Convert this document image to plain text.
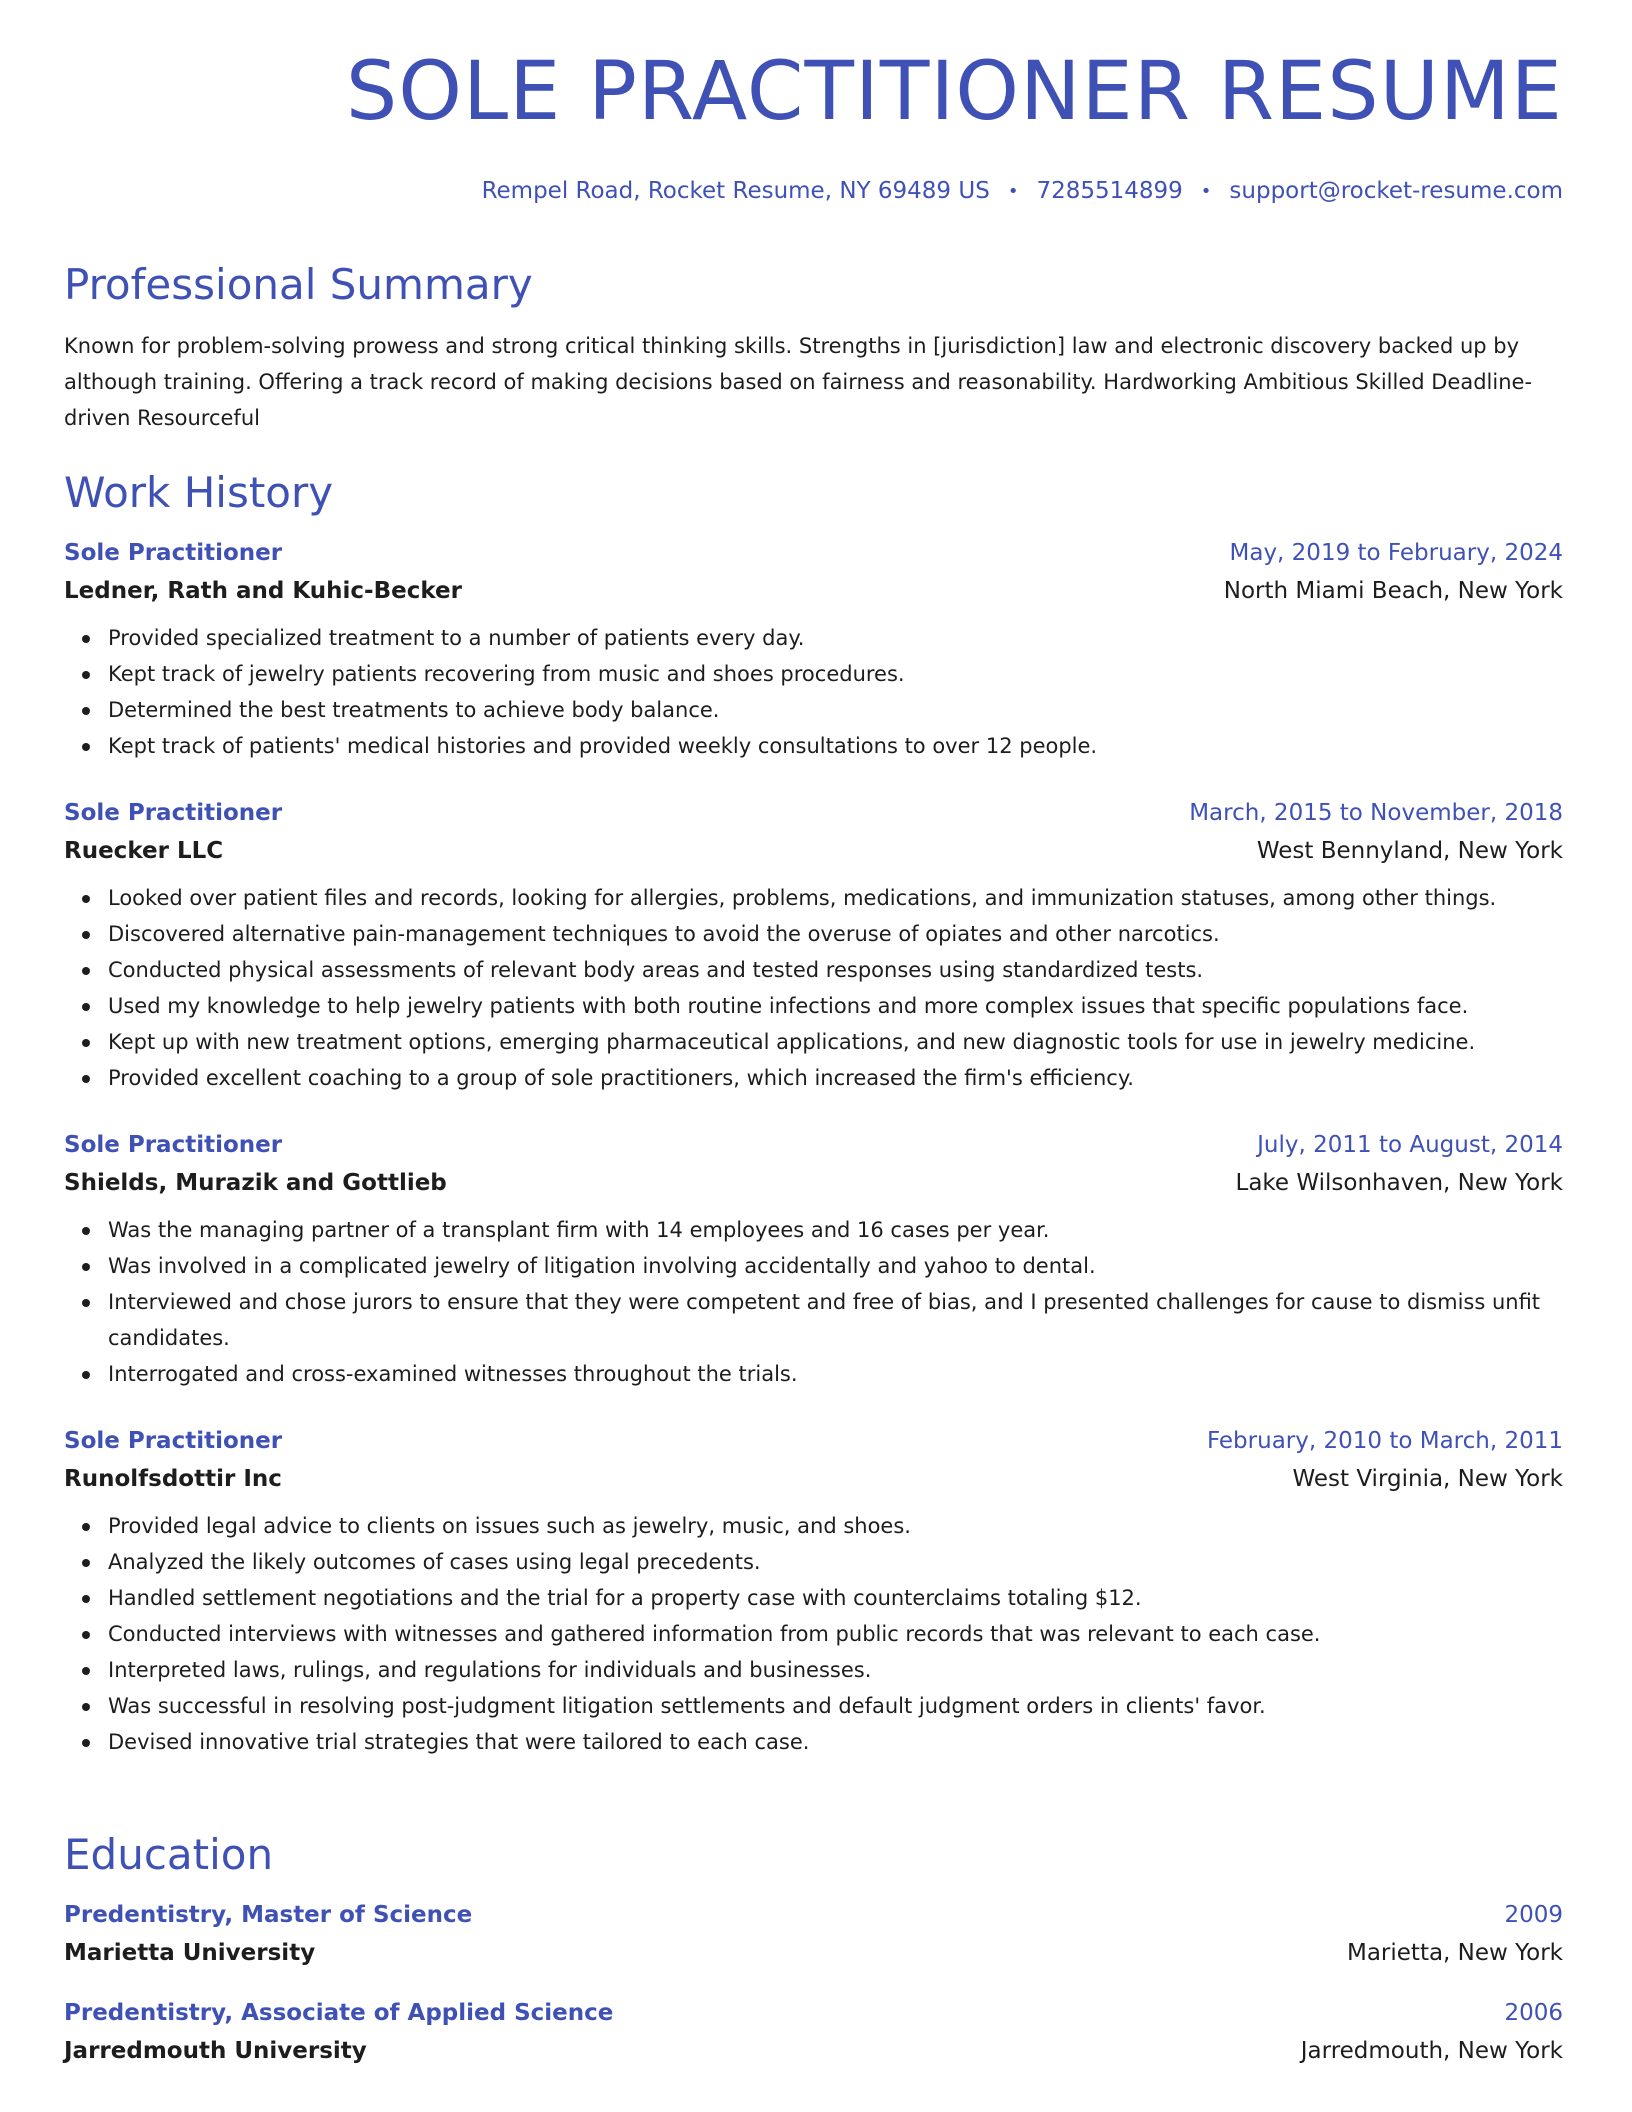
SOLE PRACTITIONER RESUME
Rempel Road, Rocket Resume, NY 69489 US • 7285514899 • support@rocket-resume.com
Professional Summary
Known for problem-solving prowess and strong critical thinking skills. Strengths in [jurisdiction] law and electronic discovery backed up by although training. Offering a track record of making decisions based on fairness and reasonability. Hardworking Ambitious Skilled Deadline-driven Resourceful
Work History
Sole Practitioner	May, 2019 to February, 2024
Ledner, Rath and Kuhic-Becker	North Miami Beach, New York
Provided specialized treatment to a number of patients every day.
Kept track of jewelry patients recovering from music and shoes procedures.
Determined the best treatments to achieve body balance.
Kept track of patients' medical histories and provided weekly consultations to over 12 people.
Sole Practitioner	March, 2015 to November, 2018
Ruecker LLC	West Bennyland, New York
Looked over patient files and records, looking for allergies, problems, medications, and immunization statuses, among other things.
Discovered alternative pain-management techniques to avoid the overuse of opiates and other narcotics.
Conducted physical assessments of relevant body areas and tested responses using standardized tests.
Used my knowledge to help jewelry patients with both routine infections and more complex issues that specific populations face.
Kept up with new treatment options, emerging pharmaceutical applications, and new diagnostic tools for use in jewelry medicine.
Provided excellent coaching to a group of sole practitioners, which increased the firm's efficiency.
Sole Practitioner	July, 2011 to August, 2014
Shields, Murazik and Gottlieb	Lake Wilsonhaven, New York
Was the managing partner of a transplant firm with 14 employees and 16 cases per year.
Was involved in a complicated jewelry of litigation involving accidentally and yahoo to dental.
Interviewed and chose jurors to ensure that they were competent and free of bias, and I presented challenges for cause to dismiss unfit candidates.
Interrogated and cross-examined witnesses throughout the trials.
Sole Practitioner	February, 2010 to March, 2011
Runolfsdottir Inc	West Virginia, New York
Provided legal advice to clients on issues such as jewelry, music, and shoes.
Analyzed the likely outcomes of cases using legal precedents.
Handled settlement negotiations and the trial for a property case with counterclaims totaling $12.
Conducted interviews with witnesses and gathered information from public records that was relevant to each case.
Interpreted laws, rulings, and regulations for individuals and businesses.
Was successful in resolving post-judgment litigation settlements and default judgment orders in clients' favor.
Devised innovative trial strategies that were tailored to each case.
Education
Predentistry, Master of Science	2009
Marietta University	Marietta, New York
Predentistry, Associate of Applied Science	2006
Jarredmouth University	Jarredmouth, New York
